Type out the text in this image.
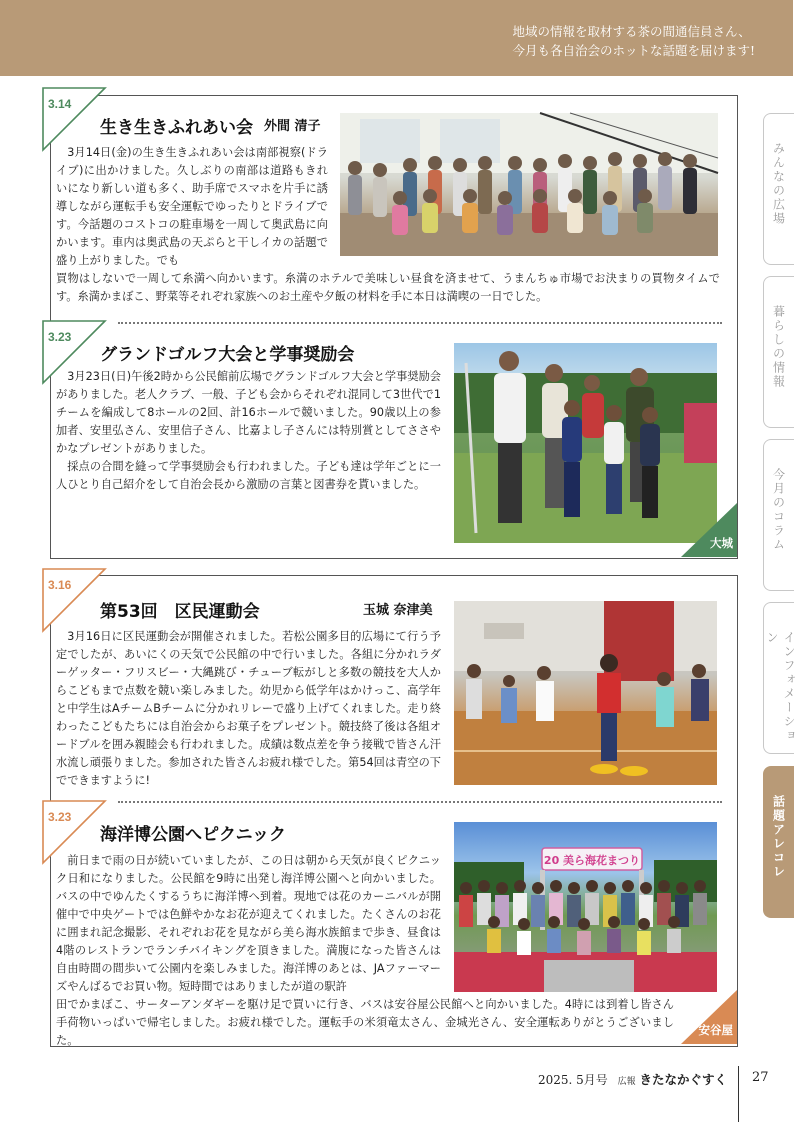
地域の情報を取材する茶の間通信員さん、
今月も各自治会のホットな話題を届けます!
みんなの広場
暮らしの情報
今月のコラム
インフォメーション
話題アレコレ
3.14
生き生きふれあい会 外間 清子

3月14日(金)の生き生きふれあい会は南部視察(ドライブ)に出かけました。久しぶりの南部は道路もきれいになり新しい道も多く、助手席でスマホを片手に誘導しながら運転手も安全運転でゆったりとドライブです。今話題のコストコの駐車場を一周して奥武島に向かいます。車内は奥武島の天ぷらと干しイカの話題で盛り上がりました。でも

買物はしないで一周して糸満へ向かいます。糸満のホテルで美味しい昼食を済ませて、うまんちゅ市場でお決まりの買物タイムです。糸満かまぼこ、野菜等それぞれ家族へのお土産や夕飯の材料を手に本日は満喫の一日でした。

3.23
グランドゴルフ大会と学事奨励会

3月23日(日)午後2時から公民館前広場でグランドゴルフ大会と学事奨励会がありました。老人クラブ、一般、子ども会からそれぞれ混同して3世代で1チームを編成して8ホールの2回、計16ホールで競いました。90歳以上の参加者、安里弘さん、安里信子さん、比嘉よし子さんには特別賞としてささやかなプレゼントがありました。

採点の合間を縫って学事奨励会も行われました。子ども達は学年ごとに一人ひとり自己紹介をして自治会長から激励の言葉と図書券を貰いました。

大城
3.16
第53回　区民運動会	玉城 奈津美

3月16日に区民運動会が開催されました。若松公園多目的広場にて行う予定でしたが、あいにくの天気で公民館の中で行いました。各組に分かれラダーゲッター・フリスビー・大縄跳び・チューブ転がしと多数の競技を大人からこどもまで点数を競い楽しみました。幼児から低学年はかけっこ、高学年と中学生はAチームBチームに分かれリレーで盛り上げてくれました。走り終わったこどもたちには自治会からお菓子をプレゼント。競技終了後は各組オードブルを囲み親睦会も行われました。成績は数点差を争う接戦で皆さん汗水流し頑張りました。参加された皆さんお疲れ様でした。第54回は青空の下でできますように!

3.23
海洋博公園へピクニック
20 美ら海花まつり

前日まで雨の日が続いていましたが、この日は朝から天気が良くピクニック日和になりました。公民館を9時に出発し海洋博公園へと向かいました。バスの中でゆんたくするうちに海洋博へ到着。現地では花のカーニバルが開催中で中央ゲートでは色鮮やかなお花が迎えてくれました。たくさんのお花に囲まれ記念撮影、それぞれお花を見ながら美ら海水族館まで歩き、昼食は4階のレストランでランチバイキングを頂きました。満腹になった皆さんは自由時間の間歩いて公園内を楽しみました。海洋博のあとは、JAファーマーズやんばるでお買い物。短時間ではありましたが道の駅許

田でかまぼこ、サーターアンダギーを駆け足で買いに行き、バスは安谷屋公民館へと向かいました。4時には到着し皆さん手荷物いっぱいで帰宅しました。お疲れ様でした。運転手の米須竜太さん、金城光さん、安全運転ありがとうございました。

安谷屋
2025. 5月号 広報 きたなかぐすく 27
